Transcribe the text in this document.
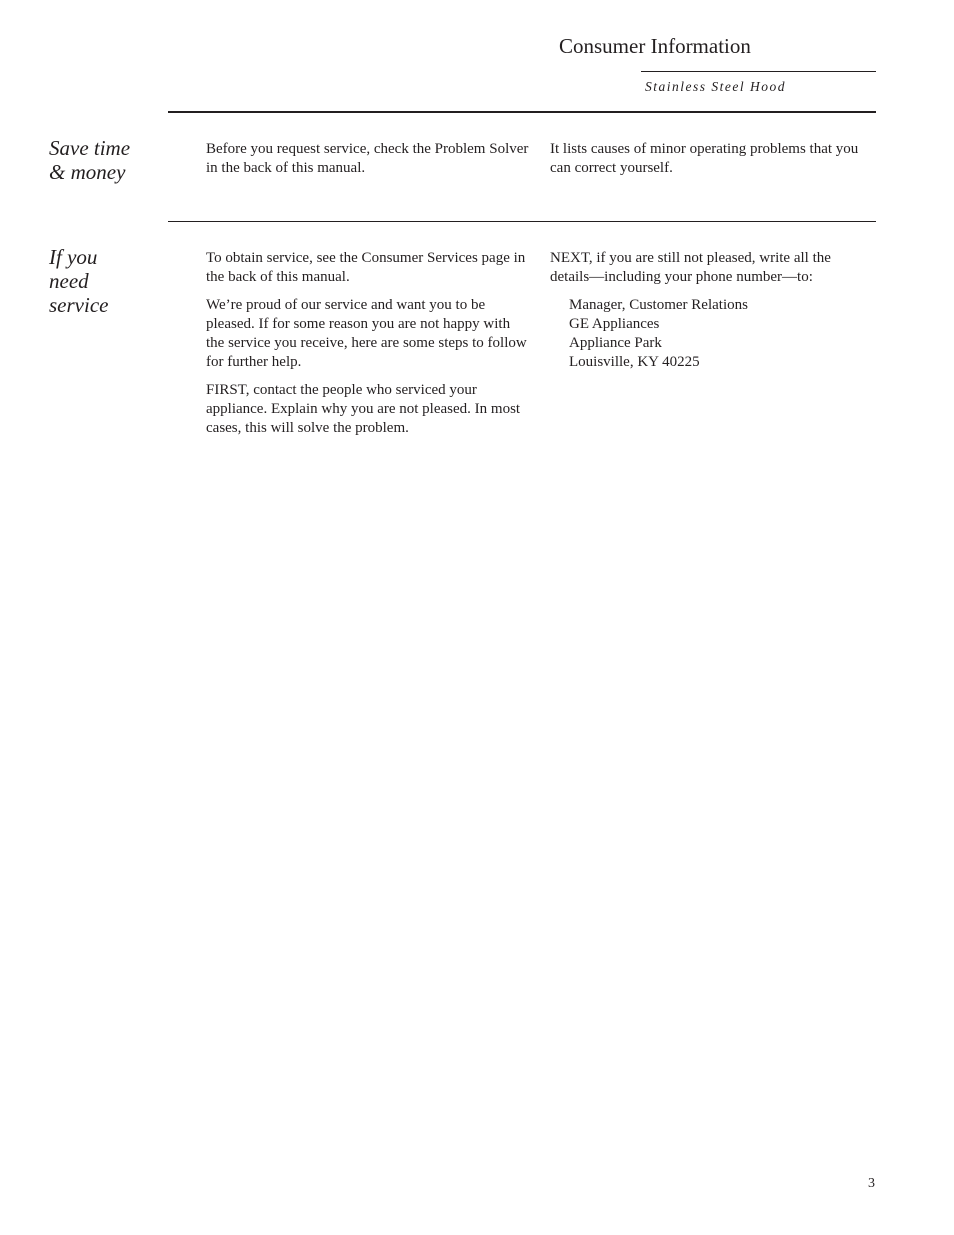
Consumer Information
Stainless Steel Hood
Save time
& money

Before you request service, check the Problem Solver in the back of this manual.

It lists causes of minor operating problems that you can correct yourself.

If you
need
service

To obtain service, see the Consumer Services page in the back of this manual.

We’re proud of our service and want you to be pleased. If for some reason you are not happy with the service you receive, here are some steps to follow for further help.

FIRST, contact the people who serviced your appliance. Explain why you are not pleased. In most cases, this will solve the problem.

NEXT, if you are still not pleased, write all the details—including your phone number—to:

Manager, Customer Relations
GE Appliances
Appliance Park
Louisville, KY 40225
3
